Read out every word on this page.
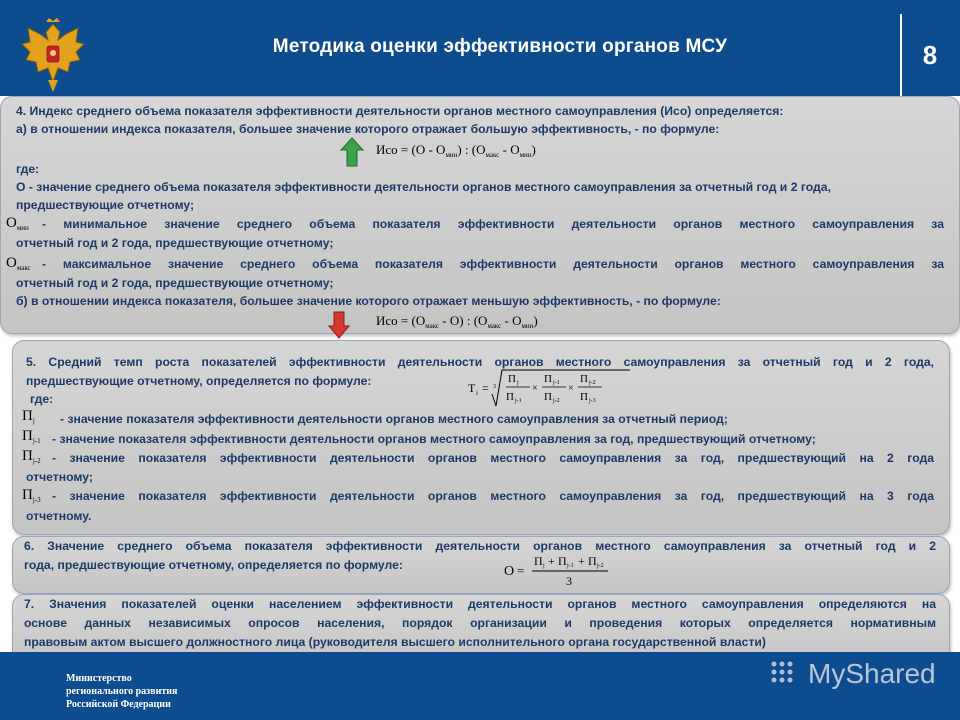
Методика оценки эффективности органов МСУ	8
4. Индекс среднего объема показателя эффективности деятельности органов местного самоуправления (Исо) определяется:
а) в отношении индекса показателя, большее значение которого отражает большую эффективность, - по формуле:
Исо = $(О - О_{мин})$ : $(О_{макс} - О_{мин})$
где:
О - значение среднего объема показателя эффективности деятельности органов местного самоуправления за отчетный год и 2 года,
предшествующие отчетному;
$О_{мин}$ - минимальное значение среднего объема показателя эффективности деятельности органов местного самоуправления за
отчетный год и 2 года, предшествующие отчетному;
$О_{макс}$ - максимальное значение среднего объема показателя эффективности деятельности органов местного самоуправления за
отчетный год и 2 года, предшествующие отчетному;
б) в отношении индекса показателя, большее значение которого отражает меньшую эффективность, - по формуле:
Исо = $(О_{макс} - О)$ : $(О_{макс} - О_{мин})$
5. Средний темп роста показателей эффективности деятельности органов местного самоуправления за отчетный год и 2 года,
предшествующие отчетному, определяется по формуле:	Т i = 3
П j
П j-1
×
П j-1
П j-2
×
П j-2
П j-3
где:
$П_j$ - значение показателя эффективности деятельности органов местного самоуправления за отчетный период;
$П_{j-1}$ - значение показателя эффективности деятельности органов местного самоуправления за год, предшествующий отчетному;
$П_{j-2}$ - значение показателя эффективности деятельности органов местного самоуправления за год, предшествующий на 2 года
отчетному;
$П_{j-3}$ - значение показателя эффективности деятельности органов местного самоуправления за год, предшествующий на 3 года
отчетному.
6. Значение среднего объема показателя эффективности деятельности органов местного самоуправления за отчетный год и 2
года, предшествующие отчетному, определяется по формуле:	О =
П j + П j-1 + П j-2
3
7. Значения показателей оценки населением эффективности деятельности органов местного самоуправления определяются на
основе данных независимых опросов населения, порядок организации и проведения которых определяется нормативным
правовым актом высшего должностного лица (руководителя высшего исполнительного органа государственной власти)
Министерство
регионального развития
Российской Федерации
MyShared
